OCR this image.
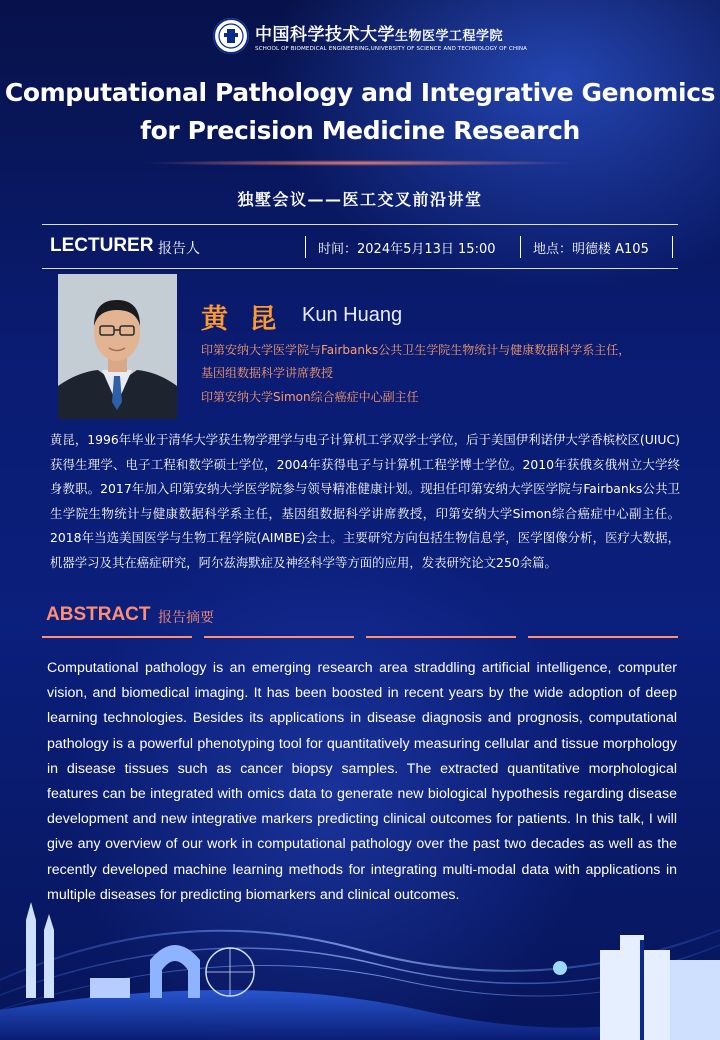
中国科学技术大学生物医学工程学院
SCHOOL OF BIOMEDICAL ENGINEERING,UNIVERSITY OF SCIENCE AND TECHNOLOGY OF CHINA
Computational Pathology and Integrative Genomics
for Precision Medicine Research
独墅会议——医工交叉前沿讲堂
LECTURER 报告人	时间：2024年5月13日 15:00	地点：明德楼 A105
黄 昆 Kun Huang
印第安纳大学医学院与Fairbanks公共卫生学院生物统计与健康数据科学系主任，
基因组数据科学讲席教授
印第安纳大学Simon综合癌症中心副主任
黄昆，1996年毕业于清华大学获生物学理学与电子计算机工学双学士学位，后于美国伊利诺伊大学香槟校区(UIUC)获得生理学、电子工程和数学硕士学位，2004年获得电子与计算机工程学博士学位。2010年获俄亥俄州立大学终身教职。2017年加入印第安纳大学医学院参与领导精准健康计划。现担任印第安纳大学医学院与Fairbanks公共卫生学院生物统计与健康数据科学系主任，基因组数据科学讲席教授，印第安纳大学Simon综合癌症中心副主任。2018年当选美国医学与生物工程学院(AIMBE)会士。主要研究方向包括生物信息学，医学图像分析，医疗大数据，机器学习及其在癌症研究，阿尔兹海默症及神经科学等方面的应用，发表研究论文250余篇。
ABSTRACT 报告摘要
Computational pathology is an emerging research area straddling artificial intelligence, computer vision, and biomedical imaging. It has been boosted in recent years by the wide adoption of deep learning technologies. Besides its applications in disease diagnosis and prognosis, computational pathology is a powerful phenotyping tool for quantitatively measuring cellular and tissue morphology in disease tissues such as cancer biopsy samples. The extracted quantitative morphological features can be integrated with omics data to generate new biological hypothesis regarding disease development and new integrative markers predicting clinical outcomes for patients. In this talk, I will give any overview of our work in computational pathology over the past two decades as well as the recently developed machine learning methods for integrating multi-modal data with applications in multiple diseases for predicting biomarkers and clinical outcomes.
